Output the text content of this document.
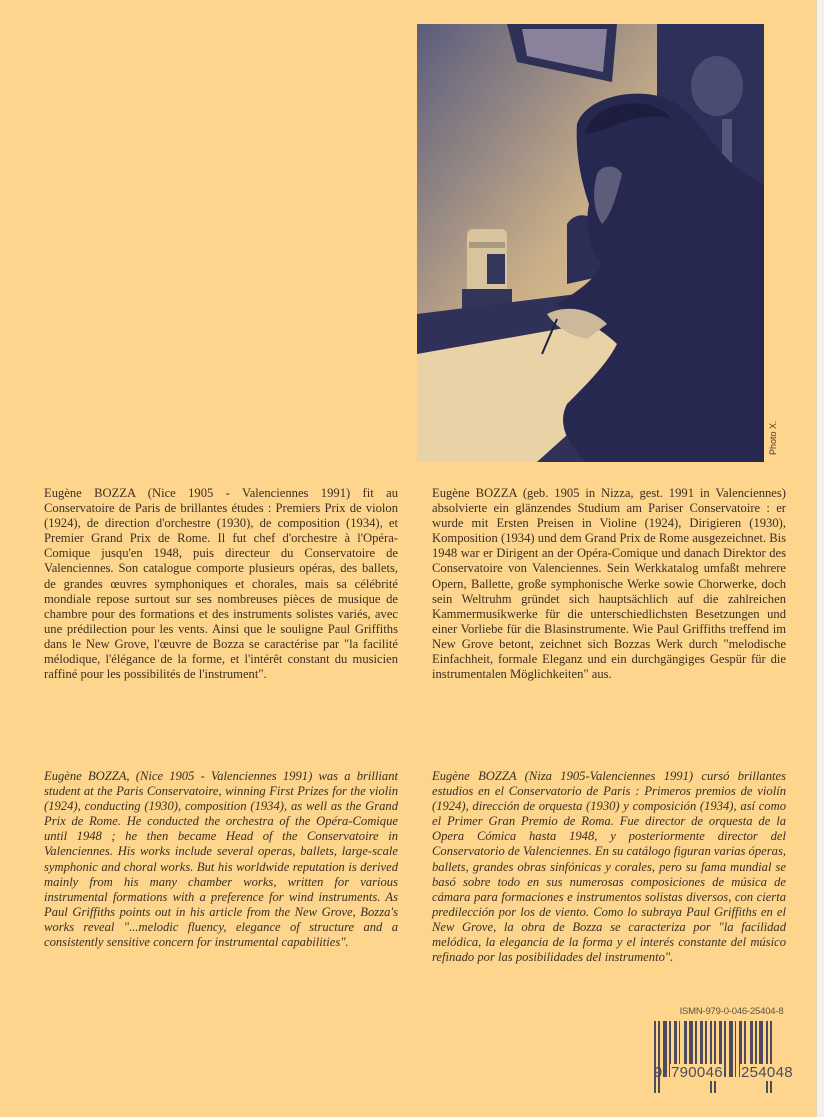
Photo X.

Eugène BOZZA (Nice 1905 - Valenciennes 1991) fit au Conservatoire de Paris de brillantes études : Premiers Prix de violon (1924), de direction d'orchestre (1930), de composition (1934), et Premier Grand Prix de Rome. Il fut chef d'orchestre à l'Opéra-Comique jusqu'en 1948, puis directeur du Conservatoire de Valenciennes. Son catalogue comporte plusieurs opéras, des ballets, de grandes œuvres symphoniques et chorales, mais sa célébrité mondiale repose surtout sur ses nombreuses pièces de musique de chambre pour des formations et des instruments solistes variés, avec une prédilection pour les vents. Ainsi que le souligne Paul Griffiths dans le New Grove, l'œuvre de Bozza se caractérise par "la facilité mélodique, l'élégance de la forme, et l'intérêt constant du musicien raffiné pour les possibilités de l'instrument".

Eugène BOZZA (geb. 1905 in Nizza, gest. 1991 in Valenciennes) absolvierte ein glänzendes Studium am Pariser Conservatoire : er wurde mit Ersten Preisen in Violine (1924), Dirigieren (1930), Komposition (1934) und dem Grand Prix de Rome ausgezeichnet. Bis 1948 war er Dirigent an der Opéra-Comique und danach Direktor des Conservatoire von Valenciennes. Sein Werkkatalog umfaßt mehrere Opern, Ballette, große symphonische Werke sowie Chorwerke, doch sein Weltruhm gründet sich hauptsächlich auf die zahlreichen Kammermusikwerke für die unterschiedlichsten Besetzungen und einer Vorliebe für die Blasinstrumente. Wie Paul Griffiths treffend im New Grove betont, zeichnet sich Bozzas Werk durch "melodische Einfachheit, formale Eleganz und ein durchgängiges Gespür für die instrumentalen Möglichkeiten" aus.

Eugène BOZZA, (Nice 1905 - Valenciennes 1991) was a brilliant student at the Paris Conservatoire, winning First Prizes for the violin (1924), conducting (1930), composition (1934), as well as the Grand Prix de Rome. He conducted the orchestra of the Opéra-Comique until 1948 ; he then became Head of the Conservatoire in Valenciennes. His works include several operas, ballets, large-scale symphonic and choral works. But his worldwide reputation is derived mainly from his many chamber works, written for various instrumental formations with a preference for wind instruments. As Paul Griffiths points out in his article from the New Grove, Bozza's works reveal "...melodic fluency, elegance of structure and a consistently sensitive concern for instrumental capabilities".

Eugène BOZZA (Niza 1905-Valenciennes 1991) cursó brillantes estudios en el Conservatorio de Paris : Primeros premios de violín (1924), dirección de orquesta (1930) y composición (1934), así como el Primer Gran Premio de Roma. Fue director de orquesta de la Opera Cómica hasta 1948, y posteriormente director del Conservatorio de Valenciennes. En su catálogo figuran varias óperas, ballets, grandes obras sinfónicas y corales, pero su fama mundial se basó sobre todo en sus numerosas composiciones de música de cámara para formaciones e instrumentos solistas diversos, con cierta predilección por los de viento. Como lo subraya Paul Griffiths en el New Grove, la obra de Bozza se caracteriza por "la facilidad melódica, la elegancia de la forma y el interés constante del músico refinado por las posibilidades del instrumento".

ISMN-979-0-046-25404-8
9 790046 254048
